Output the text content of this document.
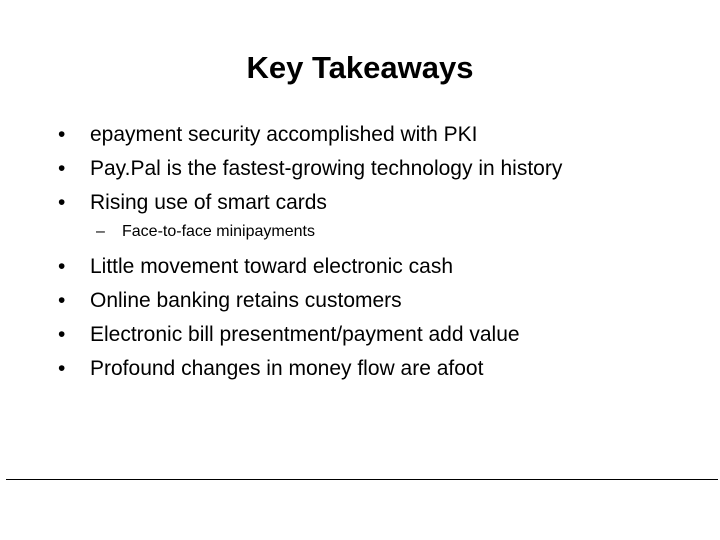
Key Takeaways
•	epayment security accomplished with PKI
•	Pay.Pal is the fastest-growing technology in history
•	Rising use of smart cards
–	Face-to-face minipayments
•	Little movement toward electronic cash
•	Online banking retains customers
•	Electronic bill presentment/payment add value
•	Profound changes in money flow are afoot
